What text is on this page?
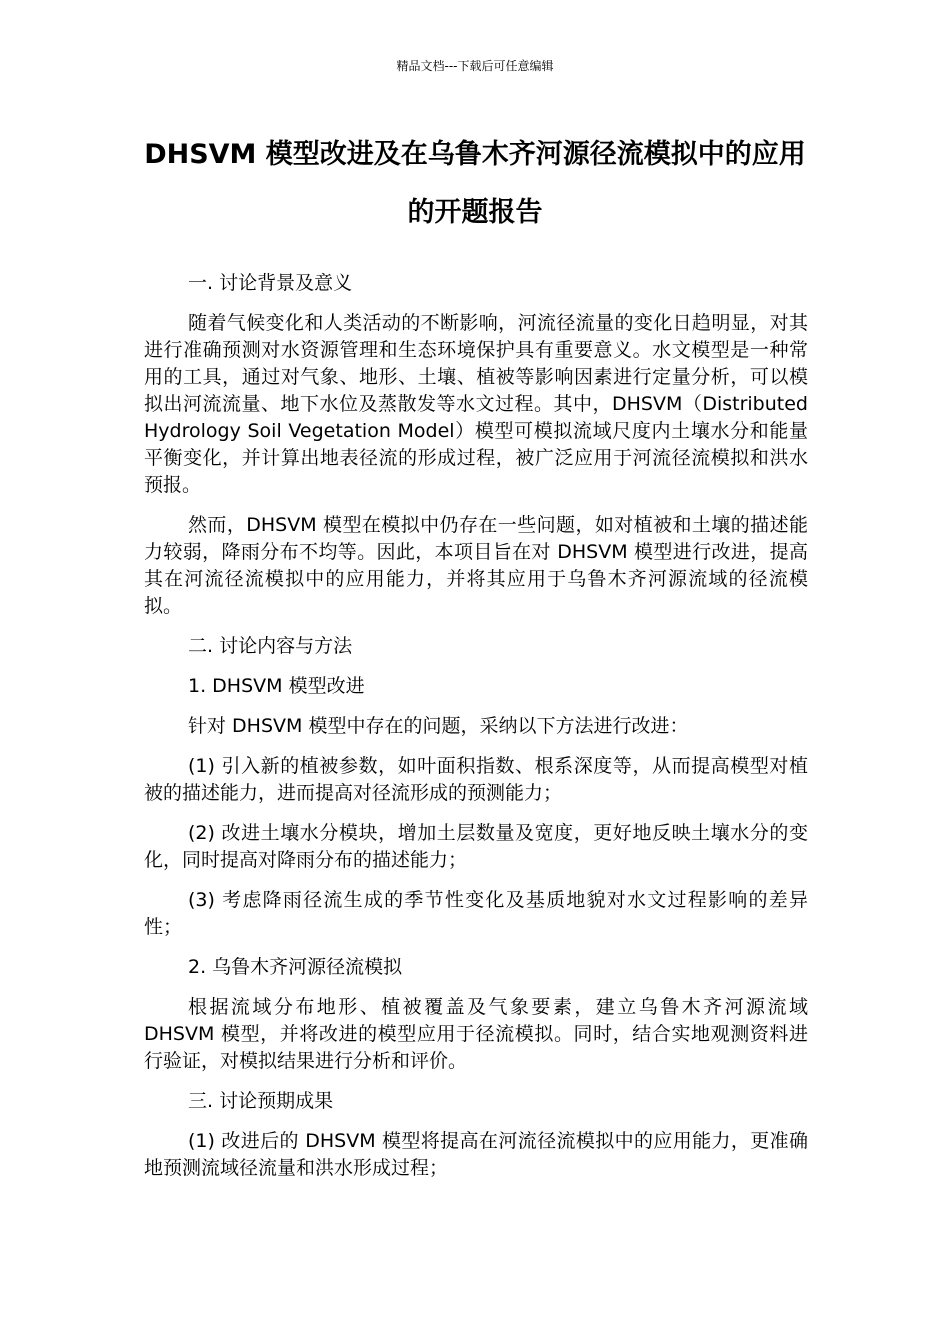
精品文档---下载后可任意编辑
DHSVM 模型改进及在乌鲁木齐河源径流模拟中的应用的开题报告
一. 讨论背景及意义
随着气候变化和人类活动的不断影响，河流径流量的变化日趋明显，对其进行准确预测对水资源管理和生态环境保护具有重要意义。水文模型是一种常用的工具，通过对气象、地形、土壤、植被等影响因素进行定量分析，可以模拟出河流流量、地下水位及蒸散发等水文过程。其中，DHSVM（Distributed Hydrology Soil Vegetation Model）模型可模拟流域尺度内土壤水分和能量平衡变化，并计算出地表径流的形成过程，被广泛应用于河流径流模拟和洪水预报。
然而，DHSVM 模型在模拟中仍存在一些问题，如对植被和土壤的描述能力较弱，降雨分布不均等。因此，本项目旨在对 DHSVM 模型进行改进，提高其在河流径流模拟中的应用能力，并将其应用于乌鲁木齐河源流域的径流模拟。
二. 讨论内容与方法
1. DHSVM 模型改进
针对 DHSVM 模型中存在的问题，采纳以下方法进行改进：
(1) 引入新的植被参数，如叶面积指数、根系深度等，从而提高模型对植被的描述能力，进而提高对径流形成的预测能力；
(2) 改进土壤水分模块，增加土层数量及宽度，更好地反映土壤水分的变化，同时提高对降雨分布的描述能力；
(3) 考虑降雨径流生成的季节性变化及基质地貌对水文过程影响的差异性；
2. 乌鲁木齐河源径流模拟
根据流域分布地形、植被覆盖及气象要素，建立乌鲁木齐河源流域 DHSVM 模型，并将改进的模型应用于径流模拟。同时，结合实地观测资料进行验证，对模拟结果进行分析和评价。
三. 讨论预期成果
(1) 改进后的 DHSVM 模型将提高在河流径流模拟中的应用能力，更准确地预测流域径流量和洪水形成过程；
